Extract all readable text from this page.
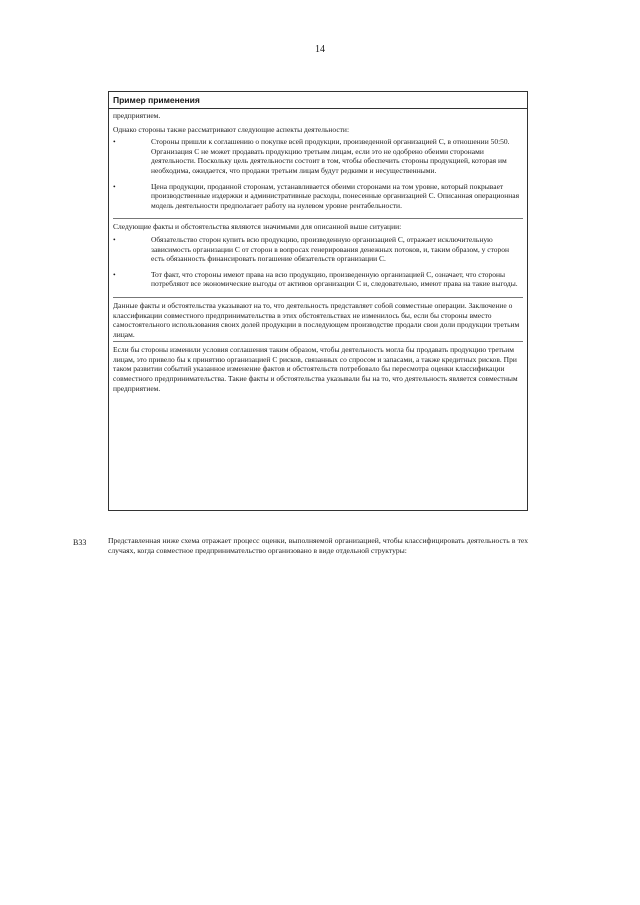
14
Пример применения

предприятием.

Однако стороны также рассматривают следующие аспекты деятельности:

•	Стороны пришли к соглашению о покупке всей продукции, произведенной организацией С, в отношении 50:50. Организация С не может продавать продукцию третьим лицам, если это не одобрено обеими сторонами деятельности. Поскольку цель деятельности состоит в том, чтобы обеспечить стороны продукцией, которая им необходима, ожидается, что продажи третьим лицам будут редкими и несущественными.
•	Цена продукции, проданной сторонам, устанавливается обеими сторонами на том уровне, который покрывает производственные издержки и административные расходы, понесенные организацией С. Описанная операционная модель деятельности предполагает работу на нулевом уровне рентабельности.

Следующие факты и обстоятельства являются значимыми для описанной выше ситуации:

•	Обязательство сторон купить всю продукцию, произведенную организацией С, отражает исключительную зависимость организации С от сторон в вопросах генерирования денежных потоков, и, таким образом, у сторон есть обязанность финансировать погашение обязательств организации С.
•	Тот факт, что стороны имеют права на всю продукцию, произведенную организацией С, означает, что стороны потребляют все экономические выгоды от активов организации С и, следовательно, имеют права на такие выгоды.

Данные факты и обстоятельства указывают на то, что деятельность представляет собой совместные операции. Заключение о классификации совместного предпринимательства в этих обстоятельствах не изменилось бы, если бы стороны вместо самостоятельного использования своих долей продукции в последующем производстве продали свои доли продукции третьим лицам.

Если бы стороны изменили условия соглашения таким образом, чтобы деятельность могла бы продавать продукцию третьим лицам, это привело бы к принятию организацией С рисков, связанных со спросом и запасами, а также кредитных рисков. При таком развитии событий указанное изменение фактов и обстоятельств потребовало бы пересмотра оценки классификации совместного предпринимательства. Такие факты и обстоятельства указывали бы на то, что деятельность является совместным предприятием.

В33	Представленная ниже схема отражает процесс оценки, выполняемой организацией, чтобы классифицировать деятельность в тех случаях, когда совместное предпринимательство организовано в виде отдельной структуры:
